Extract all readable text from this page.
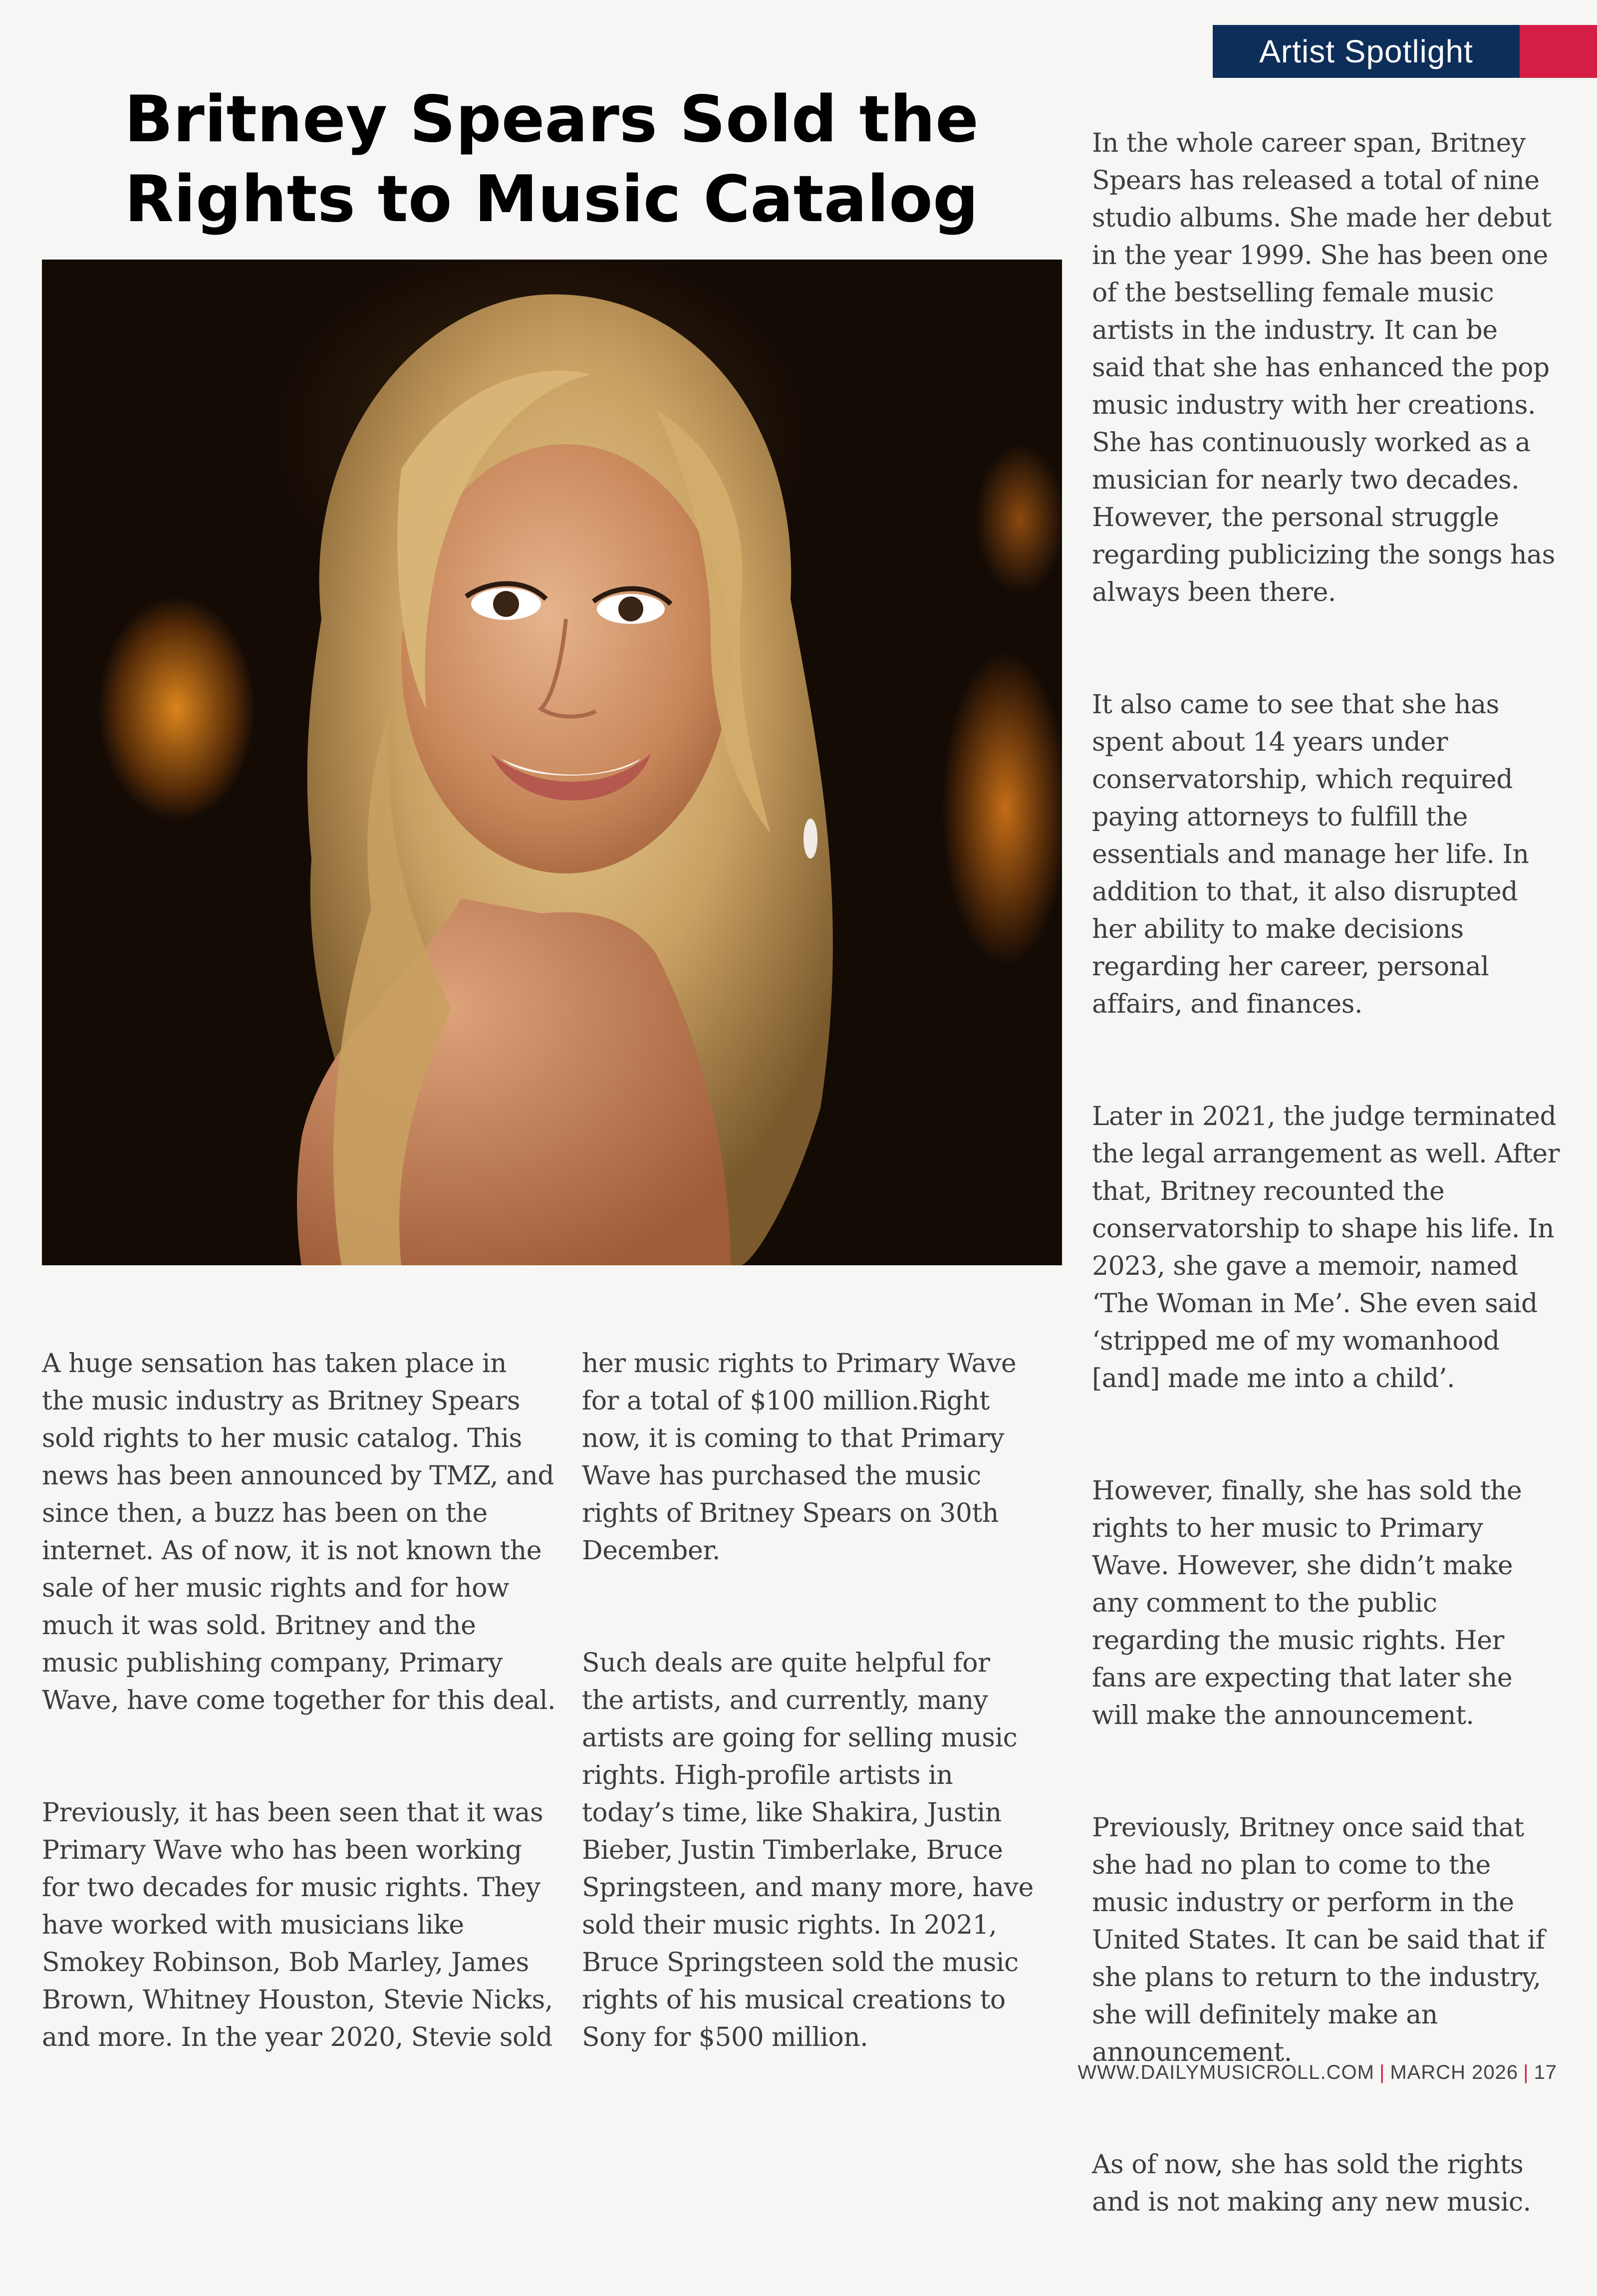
Artist Spotlight
Britney Spears Sold the Rights to Music Catalog

A huge sensation has taken place in
the music industry as Britney Spears
sold rights to her music catalog. This
news has been announced by TMZ, and
since then, a buzz has been on the
internet. As of now, it is not known the
sale of her music rights and for how
much it was sold. Britney and the
music publishing company, Primary
Wave, have come together for this deal.

Previously, it has been seen that it was
Primary Wave who has been working
for two decades for music rights. They
have worked with musicians like
Smokey Robinson, Bob Marley, James
Brown, Whitney Houston, Stevie Nicks,
and more. In the year 2020, Stevie sold

her music rights to Primary Wave
for a total of $100 million.Right
now, it is coming to that Primary
Wave has purchased the music
rights of Britney Spears on 30th
December.

Such deals are quite helpful for
the artists, and currently, many
artists are going for selling music
rights. High-profile artists in
today’s time, like Shakira, Justin
Bieber, Justin Timberlake, Bruce
Springsteen, and many more, have
sold their music rights. In 2021,
Bruce Springsteen sold the music
rights of his musical creations to
Sony for $500 million.

In the whole career span, Britney
Spears has released a total of nine
studio albums. She made her debut
in the year 1999. She has been one
of the bestselling female music
artists in the industry. It can be
said that she has enhanced the pop
music industry with her creations.
She has continuously worked as a
musician for nearly two decades.
However, the personal struggle
regarding publicizing the songs has
always been there.

It also came to see that she has
spent about 14 years under
conservatorship, which required
paying attorneys to fulfill the
essentials and manage her life. In
addition to that, it also disrupted
her ability to make decisions
regarding her career, personal
affairs, and finances.

Later in 2021, the judge terminated
the legal arrangement as well. After
that, Britney recounted the
conservatorship to shape his life. In
2023, she gave a memoir, named
‘The Woman in Me’. She even said
‘stripped me of my womanhood
[and] made me into a child’.

However, finally, she has sold the
rights to her music to Primary
Wave. However, she didn’t make
any comment to the public
regarding the music rights. Her
fans are expecting that later she
will make the announcement.

Previously, Britney once said that
she had no plan to come to the
music industry or perform in the
United States. It can be said that if
she plans to return to the industry,
she will definitely make an
announcement.

As of now, she has sold the rights
and is not making any new music.

WWW.DAILYMUSICROLL.COM | MARCH 2026 | 17
